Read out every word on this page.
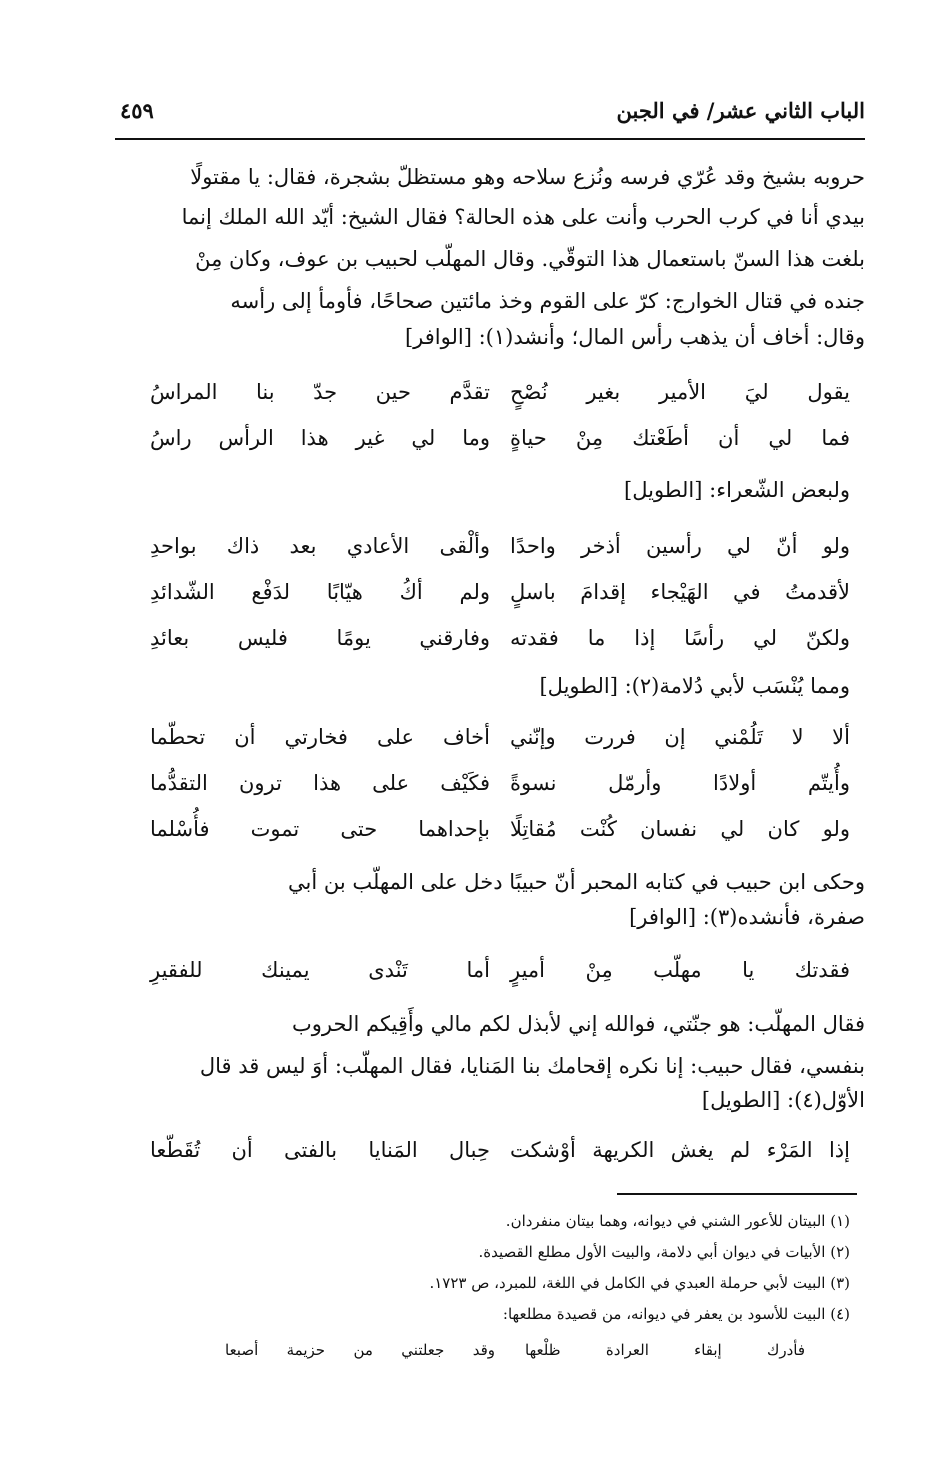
الباب الثاني عشر/ في الجبن
٤٥٩
حروبه بشيخ وقد عُرّي فرسه ونُزع سلاحه وهو مستظلّ بشجرة، فقال: يا مقتولًا
بيدي أنا في كرب الحرب وأنت على هذه الحالة؟ فقال الشيخ: أيّد الله الملك إنما
بلغت هذا السنّ باستعمال هذا التوقّي. وقال المهلّب لحبيب بن عوف، وكان مِنْ
جنده في قتال الخوارج: كرّ على القوم وخذ مائتين صحاحًا، فأومأ إلى رأسه
وقال: أخاف أن يذهب رأس المال؛ وأنشد(١): [الوافر]
يقول ليَ الأمير بغير نُصْحٍ
تقدَّم حين جدّ بنا المراسُ
فما لي أن أطَعْتك مِنْ حياةٍ
وما لي غير هذا الرأس راسُ
ولبعض الشّعراء: [الطويل]
ولو أنّ لي رأسين أذخر واحدًا
وألْقى الأعادي بعد ذاك بواحدِ
لأقدمتُ في الهَيْجاء إقدامَ باسلٍ
ولم أكُ هيّابًا لدَفْع الشّدائدِ
ولكنّ لي رأسًا إذا ما فقدته
وفارقني يومًا فليس بعائدِ
ومما يُنْسَب لأبي دُلامة(٢): [الطويل]
ألا لا تَلُمْني إن فررت وإنّني
أخاف على فخارتي أن تحطّما
وأُيتّم أولادًا وأرمّل نسوةً
فكَيْف على هذا ترون التقدُّما
ولو كان لي نفسان كُنْت مُقاتِلًا
بإحداهما حتى تموت فأُسْلما
وحكى ابن حبيب في كتابه المحبر أنّ حبيبًا دخل على المهلّب بن أبي
صفرة، فأنشده(٣): [الوافر]
فقدتك يا مهلّب مِنْ أميرٍ
أما تَنْدى يمينك للفقيرِ
فقال المهلّب: هو جنّتي، فوالله إني لأبذل لكم مالي وأَقِيكم الحروب
بنفسي، فقال حبيب: إنا نكره إقحامك بنا المَنايا، فقال المهلّب: أوَ ليس قد قال
الأوّل(٤): [الطويل]
إذا المَرْء لم يغش الكريهة أوْشكت
حِبال المَنايا بالفتى أن تُقَطّعا
(١) البيتان للأعور الشني في ديوانه، وهما بيتان منفردان.
(٢) الأبيات في ديوان أبي دلامة، والبيت الأول مطلع القصيدة.
(٣) البيت لأبي حرملة العبدي في الكامل في اللغة، للمبرد، ص ١٧٢٣.
(٤) البيت للأسود بن يعفر في ديوانه، من قصيدة مطلعها:
فأدرك إبقاء العرادة ظلْعها
وقد جعلتني من حزيمة أصبعا
